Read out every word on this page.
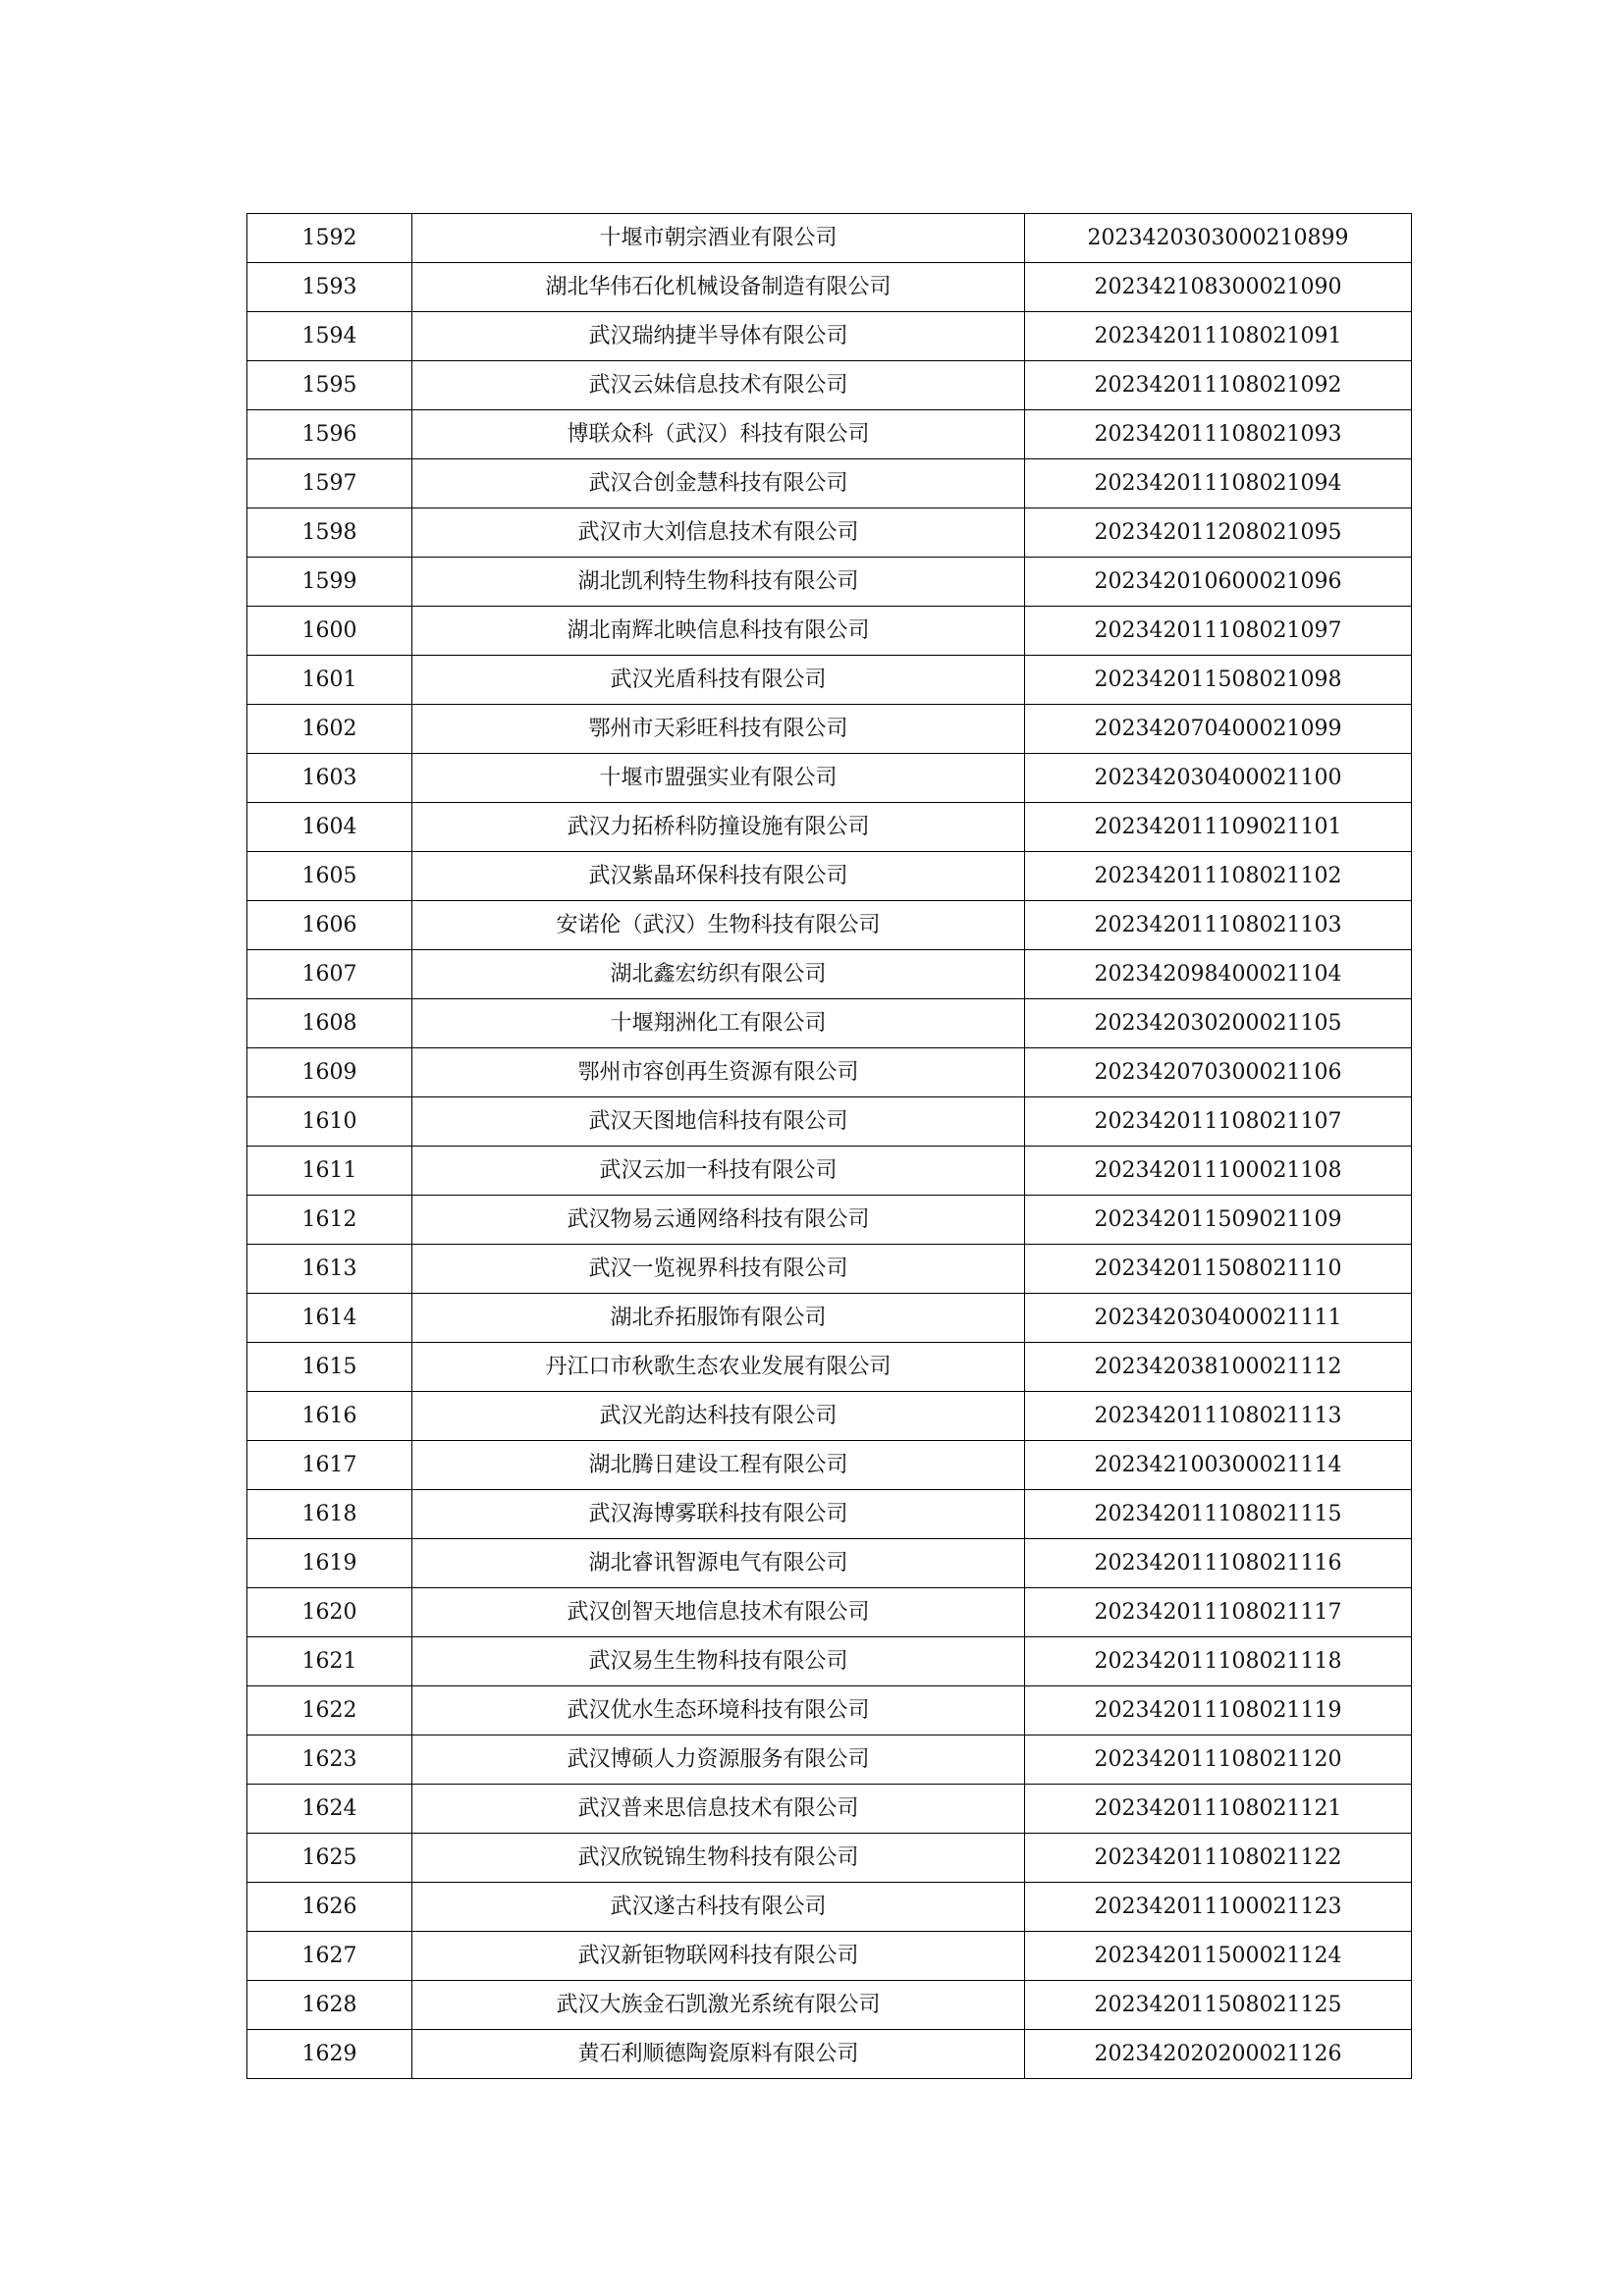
1592	十堰市朝宗酒业有限公司	2023420303000210899
1593	湖北华伟石化机械设备制造有限公司	202342108300021090
1594	武汉瑞纳捷半导体有限公司	202342011108021091
1595	武汉云妹信息技术有限公司	202342011108021092
1596	博联众科（武汉）科技有限公司	202342011108021093
1597	武汉合创金慧科技有限公司	202342011108021094
1598	武汉市大刘信息技术有限公司	202342011208021095
1599	湖北凯利特生物科技有限公司	202342010600021096
1600	湖北南辉北映信息科技有限公司	202342011108021097
1601	武汉光盾科技有限公司	202342011508021098
1602	鄂州市天彩旺科技有限公司	202342070400021099
1603	十堰市盟强实业有限公司	202342030400021100
1604	武汉力拓桥科防撞设施有限公司	202342011109021101
1605	武汉紫晶环保科技有限公司	202342011108021102
1606	安诺伦（武汉）生物科技有限公司	202342011108021103
1607	湖北鑫宏纺织有限公司	202342098400021104
1608	十堰翔洲化工有限公司	202342030200021105
1609	鄂州市容创再生资源有限公司	202342070300021106
1610	武汉天图地信科技有限公司	202342011108021107
1611	武汉云加一科技有限公司	202342011100021108
1612	武汉物易云通网络科技有限公司	202342011509021109
1613	武汉一览视界科技有限公司	202342011508021110
1614	湖北乔拓服饰有限公司	202342030400021111
1615	丹江口市秋歌生态农业发展有限公司	202342038100021112
1616	武汉光韵达科技有限公司	202342011108021113
1617	湖北腾日建设工程有限公司	202342100300021114
1618	武汉海博雾联科技有限公司	202342011108021115
1619	湖北睿讯智源电气有限公司	202342011108021116
1620	武汉创智天地信息技术有限公司	202342011108021117
1621	武汉易生生物科技有限公司	202342011108021118
1622	武汉优水生态环境科技有限公司	202342011108021119
1623	武汉博硕人力资源服务有限公司	202342011108021120
1624	武汉普来思信息技术有限公司	202342011108021121
1625	武汉欣锐锦生物科技有限公司	202342011108021122
1626	武汉遂古科技有限公司	202342011100021123
1627	武汉新钜物联网科技有限公司	202342011500021124
1628	武汉大族金石凯激光系统有限公司	202342011508021125
1629	黄石利顺德陶瓷原料有限公司	202342020200021126
